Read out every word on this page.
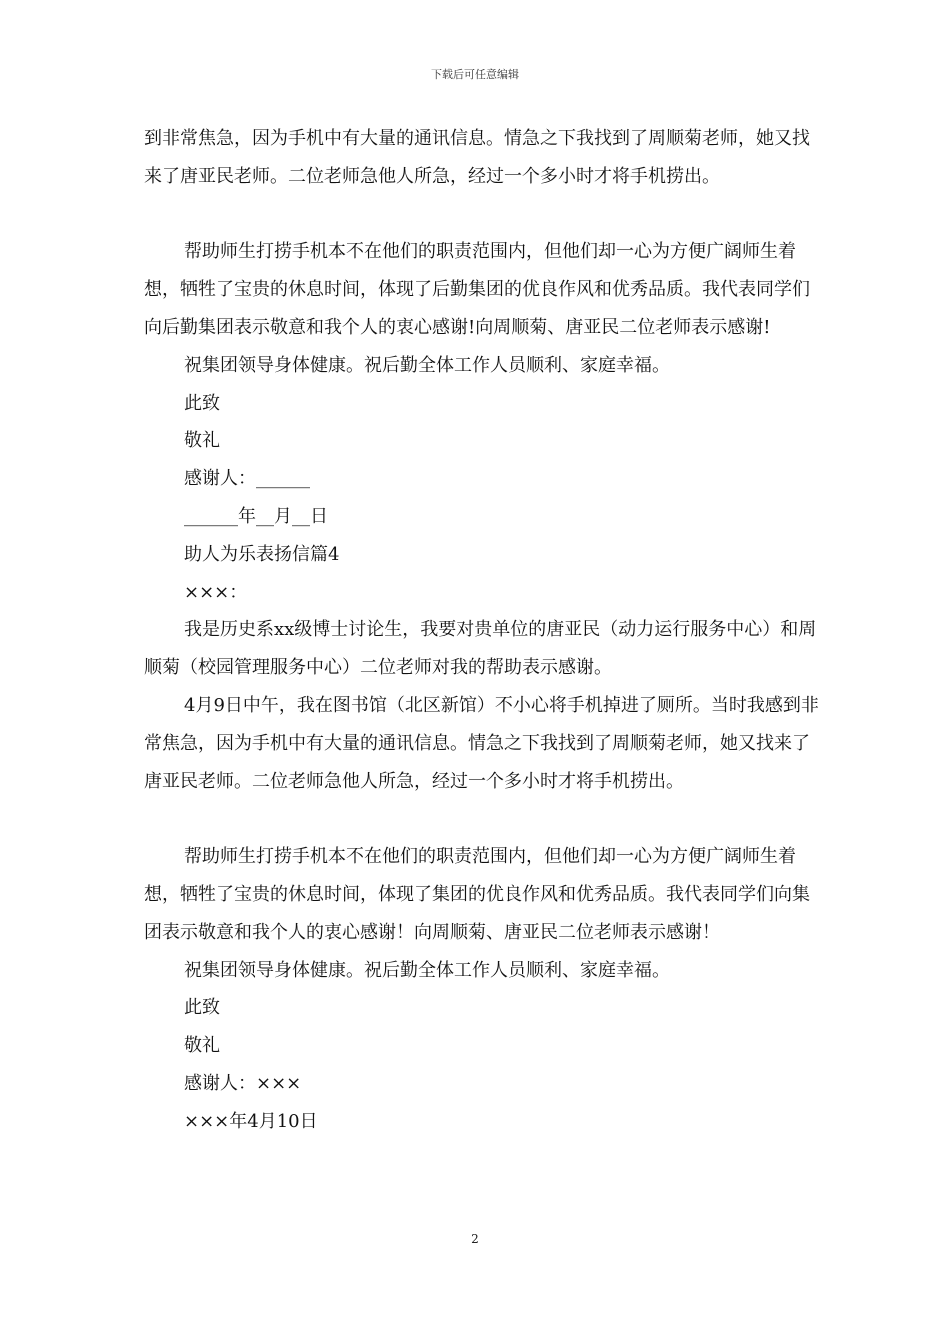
下载后可任意编辑

到非常焦急，因为手机中有大量的通讯信息。情急之下我找到了周顺菊老师，她又找来了唐亚民老师。二位老师急他人所急，经过一个多小时才将手机捞出。

帮助师生打捞手机本不在他们的职责范围内，但他们却一心为方便广阔师生着想，牺牲了宝贵的休息时间，体现了后勤集团的优良作风和优秀品质。我代表同学们向后勤集团表示敬意和我个人的衷心感谢!向周顺菊、唐亚民二位老师表示感谢!

祝集团领导身体健康。祝后勤全体工作人员顺利、家庭幸福。

此致

敬礼

感谢人：______

______年__月__日

助人为乐表扬信篇4

×××：

我是历史系xx级博士讨论生，我要对贵单位的唐亚民（动力运行服务中心）和周顺菊（校园管理服务中心）二位老师对我的帮助表示感谢。

4月9日中午，我在图书馆（北区新馆）不小心将手机掉进了厕所。当时我感到非常焦急，因为手机中有大量的通讯信息。情急之下我找到了周顺菊老师，她又找来了唐亚民老师。二位老师急他人所急，经过一个多小时才将手机捞出。

帮助师生打捞手机本不在他们的职责范围内，但他们却一心为方便广阔师生着想，牺牲了宝贵的休息时间，体现了集团的优良作风和优秀品质。我代表同学们向集团表示敬意和我个人的衷心感谢！向周顺菊、唐亚民二位老师表示感谢！

祝集团领导身体健康。祝后勤全体工作人员顺利、家庭幸福。

此致

敬礼

感谢人：×××

×××年4月10日

2
